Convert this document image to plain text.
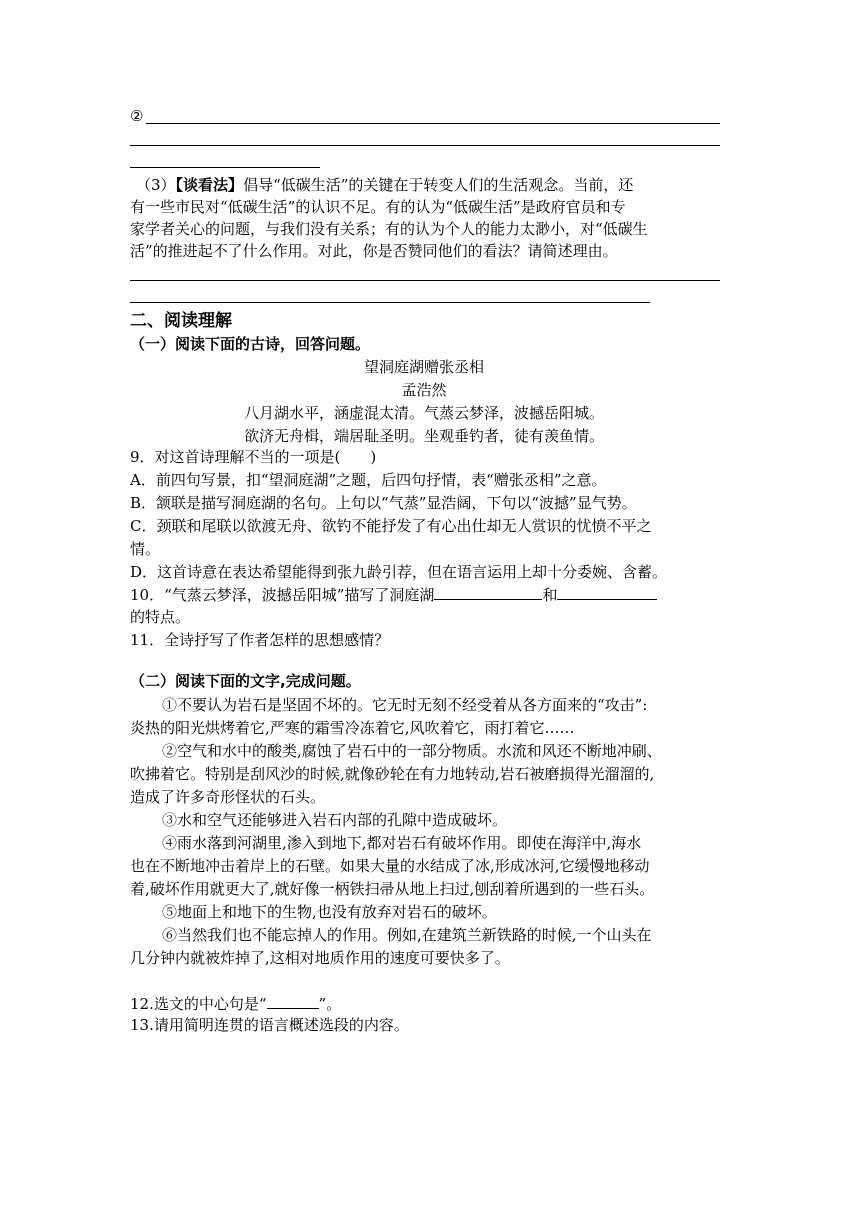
②
（3）【谈看法】倡导“低碳生活”的关键在于转变人们的生活观念。当前，还
有一些市民对“低碳生活”的认识不足。有的认为“低碳生活”是政府官员和专
家学者关心的问题，与我们没有关系；有的认为个人的能力太渺小，对“低碳生
活”的推进起不了什么作用。对此，你是否赞同他们的看法？请简述理由。
二、阅读理解
（一）阅读下面的古诗，回答问题。
望洞庭湖赠张丞相
孟浩然
八月湖水平，涵虚混太清。气蒸云梦泽，波撼岳阳城。
欲济无舟楫，端居耻圣明。坐观垂钓者，徒有羡鱼情。
9．对这首诗理解不当的一项是(　　)
A．前四句写景，扣“望洞庭湖”之题，后四句抒情，表“赠张丞相”之意。
B．颔联是描写洞庭湖的名句。上句以“气蒸”显浩阔，下句以“波撼”显气势。
C．颈联和尾联以欲渡无舟、欲钓不能抒发了有心出仕却无人赏识的忧愤不平之
情。
D．这首诗意在表达希望能得到张九龄引荐，但在语言运用上却十分委婉、含蓄。
10．“气蒸云梦泽，波撼岳阳城”描写了洞庭湖	和
的特点。
11．全诗抒写了作者怎样的思想感情？
（二）阅读下面的文字,完成问题。
①不要认为岩石是坚固不坏的。它无时无刻不经受着从各方面来的“攻击”:
炎热的阳光烘烤着它,严寒的霜雪冷冻着它,风吹着它，雨打着它……
②空气和水中的酸类,腐蚀了岩石中的一部分物质。水流和风还不断地冲刷、
吹拂着它。特别是刮风沙的时候,就像砂轮在有力地转动,岩石被磨损得光溜溜的,
造成了许多奇形怪状的石头。
③水和空气还能够进入岩石内部的孔隙中造成破坏。
④雨水落到河湖里,渗入到地下,都对岩石有破坏作用。即使在海洋中,海水
也在不断地冲击着岸上的石壁。如果大量的水结成了冰,形成冰河,它缓慢地移动
着,破坏作用就更大了,就好像一柄铁扫帚从地上扫过,刨刮着所遇到的一些石头。
⑤地面上和地下的生物,也没有放弃对岩石的破坏。
⑥当然我们也不能忘掉人的作用。例如,在建筑兰新铁路的时候,一个山头在
几分钟内就被炸掉了,这相对地质作用的速度可要快多了。
12.选文的中心句是“	”。
13.请用简明连贯的语言概述选段的内容。
